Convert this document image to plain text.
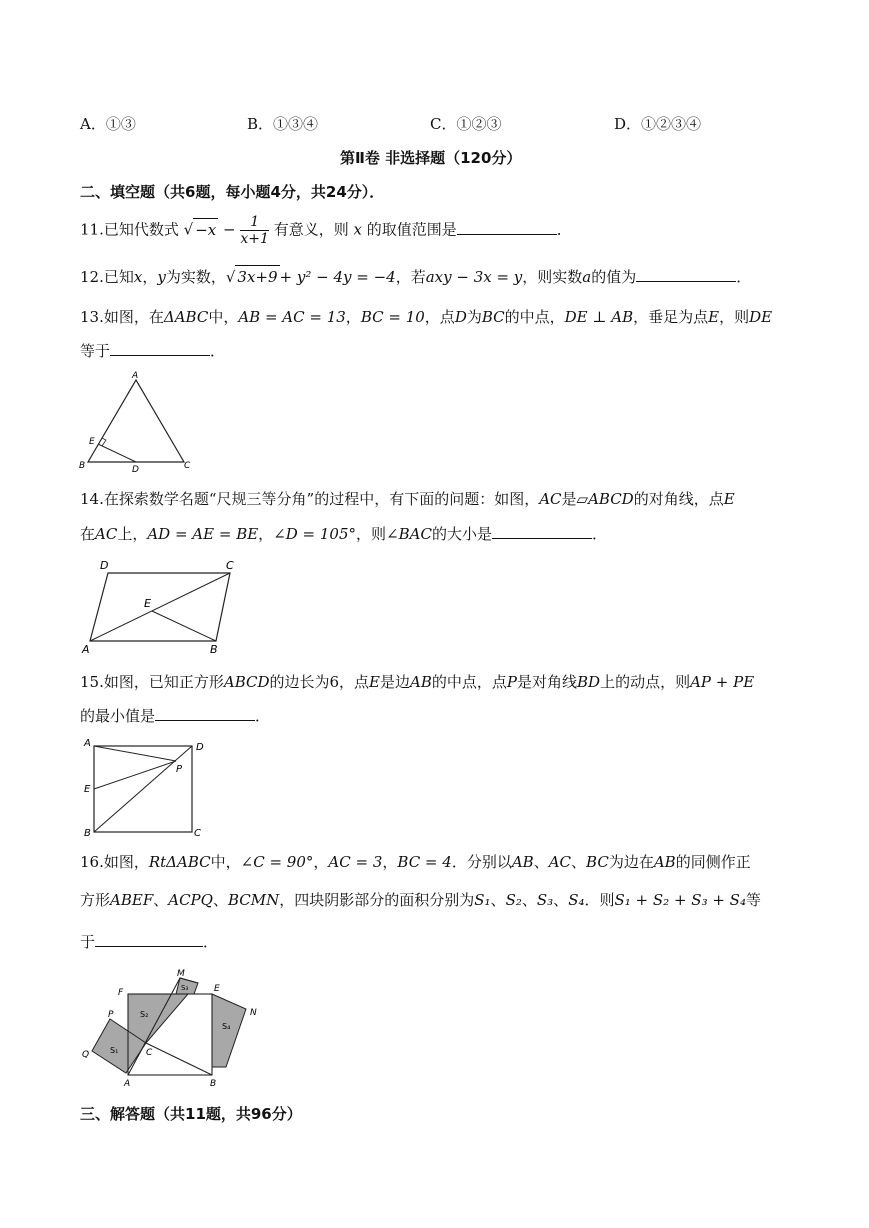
A．①③	B．①③④	C．①②③	D．①②③④
第Ⅱ卷 非选择题（120分）
二、填空题（共6题，每小题4分，共24分）．
11.已知代数式 √ $-x - \frac{1}{x+1}$ 有意义，则 x 的取值范围是	．
12.已知x，y为实数，√ 3x+9 + y² − 4y = −4，若axy − 3x = y，则实数a的值为	．
13.如图，在ΔABC中，AB = AC = 13，BC = 10，点D为BC的中点，DE ⊥ AB，垂足为点E，则DE
等于	．
A
E
B	D	C
14.在探索数学名题“尺规三等分角”的过程中，有下面的问题：如图，AC是▱ABCD的对角线，点E
在AC上，AD = AE = BE，∠D = 105°，则∠BAC的大小是	．
D	C
E
A	B
15.如图，已知正方形ABCD的边长为6，点E是边AB的中点，点P是对角线BD上的动点，则AP + PE
的最小值是	．
A	D
P
E
B	C
16.如图，RtΔABC中，∠C = 90°，AC = 3，BC = 4．分别以AB、AC、BC为边在AB的同侧作正
方形ABEF、ACPQ、BCMN，四块阴影部分的面积分别为S₁、S₂、S₃、S₄．则S₁ + S₂ + S₃ + S₄等
于	．
M
F	E
N
P
Q	C
A	B
S₁
S₂
S₃
S₄
三、解答题（共11题，共96分）
